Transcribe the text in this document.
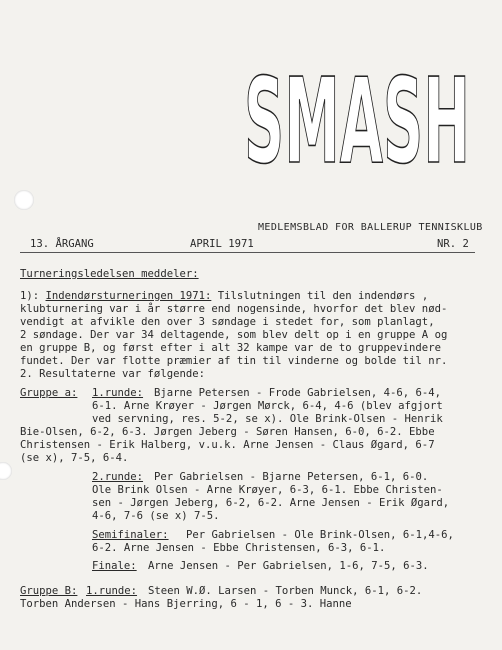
SMASH
MEDLEMSBLAD FOR BALLERUP TENNISKLUB
13. ÅRGANG	APRIL 1971	NR. 2
Turneringsledelsen meddeler:
1): Indendørsturneringen 1971: Tilslutningen til den indendørs ,
klubturnering var i år større end nogensinde, hvorfor det blev nød-
vendigt at afvikle den over 3 søndage i stedet for, som planlagt,
2 søndage. Der var 34 deltagende, som blev delt op i en gruppe A og
en gruppe B, og først efter i alt 32 kampe var de to gruppevindere
fundet. Der var flotte præmier af tin til vinderne og bolde til nr.
2. Resultaterne var følgende:
Gruppe a: 1.runde: Bjarne Petersen - Frode Gabrielsen, 4-6, 6-4,
6-1. Arne Krøyer - Jørgen Mørck, 6-4, 4-6 (blev afgjort
ved servning, res. 5-2, se x). Ole Brink-Olsen - Henrik
Bie-Olsen, 6-2, 6-3. Jørgen Jeberg - Søren Hansen, 6-0, 6-2. Ebbe
Christensen - Erik Halberg, v.u.k. Arne Jensen - Claus Øgard, 6-7
(se x), 7-5, 6-4.
2.runde: Per Gabrielsen - Bjarne Petersen, 6-1, 6-0.
Ole Brink Olsen - Arne Krøyer, 6-3, 6-1. Ebbe Christen-
sen - Jørgen Jeberg, 6-2, 6-2. Arne Jensen - Erik Øgard,
4-6, 7-6 (se x) 7-5.
Semifinaler: Per Gabrielsen - Ole Brink-Olsen, 6-1,4-6,
6-2. Arne Jensen - Ebbe Christensen, 6-3, 6-1.
Finale: Arne Jensen - Per Gabrielsen, 1-6, 7-5, 6-3.
Gruppe B: 1.runde: Steen W.Ø. Larsen - Torben Munck, 6-1, 6-2.
Torben Andersen - Hans Bjerring, 6 - 1, 6 - 3. Hanne
